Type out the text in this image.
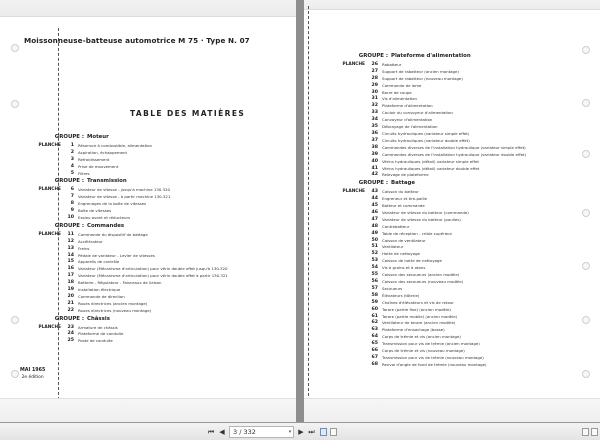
Moissonneuse-batteuse automotrice M 75 · Type N. 07
TABLE DES MATIÈRES
GROUPE : Moteur
PLANCHE	1	Réservoir à combustible, alimentation
2	Aspiration, échappement
3	Refroidissement
4	Prise de mouvement
5	Filtres
GROUPE : Transmission
PLANCHE	6	Variateur de vitesse - jusqu'à machine 130.320
7	Variateur de vitesse - à partir machine 130.321
8	Engrenages de la boîte de vitesses
9	Boîte de vitesses
10	Essieu avant et réducteurs
GROUPE : Commandes
PLANCHE	11	Commande du dispositif de battage
12	Accélérateur
13	Freins
14	Pédale de variateur - Levier de vitesses
15	Appareils de contrôle
16	Variateur (Mécanisme d'articulation) pour vérin double effet jusqu'à 130.320
17	Variateur (Mécanisme d'articulation) pour vérin double effet à partir 130.321
18	Batterie - Régulateur - Faisceaux de liaison
19	Installation électrique
20	Commande de direction
21	Roues directrices (ancien montage)
22	Roues directrices (nouveau montage)
GROUPE : Châssis
PLANCHE	23	Armature de châssis
24	Plateforme de conduite
25	Poste de conduite
MAI 1965
2e édition
GROUPE : Plateforme d'alimentation
PLANCHE	26	Rabatteur
27	Support de rabatteur (ancien montage)
28	Support de rabatteur (nouveau montage)
29	Commande de lame
30	Barre de coupe
31	Vis d'alimentation
32	Plateforme d'alimentation
33	Couloir du convoyeur d'alimentation
34	Convoyeur d'alimentation
35	Débrayage de l'alimentation
36	Circuits hydrauliques (variateur simple effet)
37	Circuits hydrauliques (variateur double effet)
38	Commandes diverses de l'installation hydraulique (variateur simple effet)
39	Commandes diverses de l'installation hydraulique (variateur double effet)
40	Vérins hydrauliques (détail) variateur simple effet
41	Vérins hydrauliques (détail) variateur double effet
42	Relevage de plateforme
GROUPE : Battage
PLANCHE	43	Caisson du batteur
44	Engreneur et tire-paille
45	Batteur et commande
46	Variateur de vitesse du batteur (commande)
47	Variateur de vitesse du batteur (poulies)
48	Contrebatteur
49	Table de réception - crible supérieur
50	Caisson de ventilateur
51	Ventilateur
52	Hotte de nettoyage
53	Caisson de hotte de nettoyage
54	Vis à grains et à otons
55	Caisson des secoueurs (ancien modèle)
56	Caisson des secoueurs (nouveau modèle)
57	Secoueurs
58	Élévateurs (tôlerie)
59	Chaînes d'élévateurs et vis de retour
60	Tarare (partie fixe) (ancien modèle)
61	Tarare (partie mobile) (ancien modèle)
62	Ventilateur de tarare (ancien modèle)
63	Plateforme d'ensachage (bosse)
64	Corps de trémie et vis (ancien montage)
65	Transmission pour vis de trémie (ancien montage)
66	Corps de trémie et vis (nouveau montage)
67	Transmission pour vis de trémie (nouveau montage)
68	Renvoi d'angle de fond de trémie (nouveau montage)
⏮ ◀	3 / 332	▾	▶ ⏭
